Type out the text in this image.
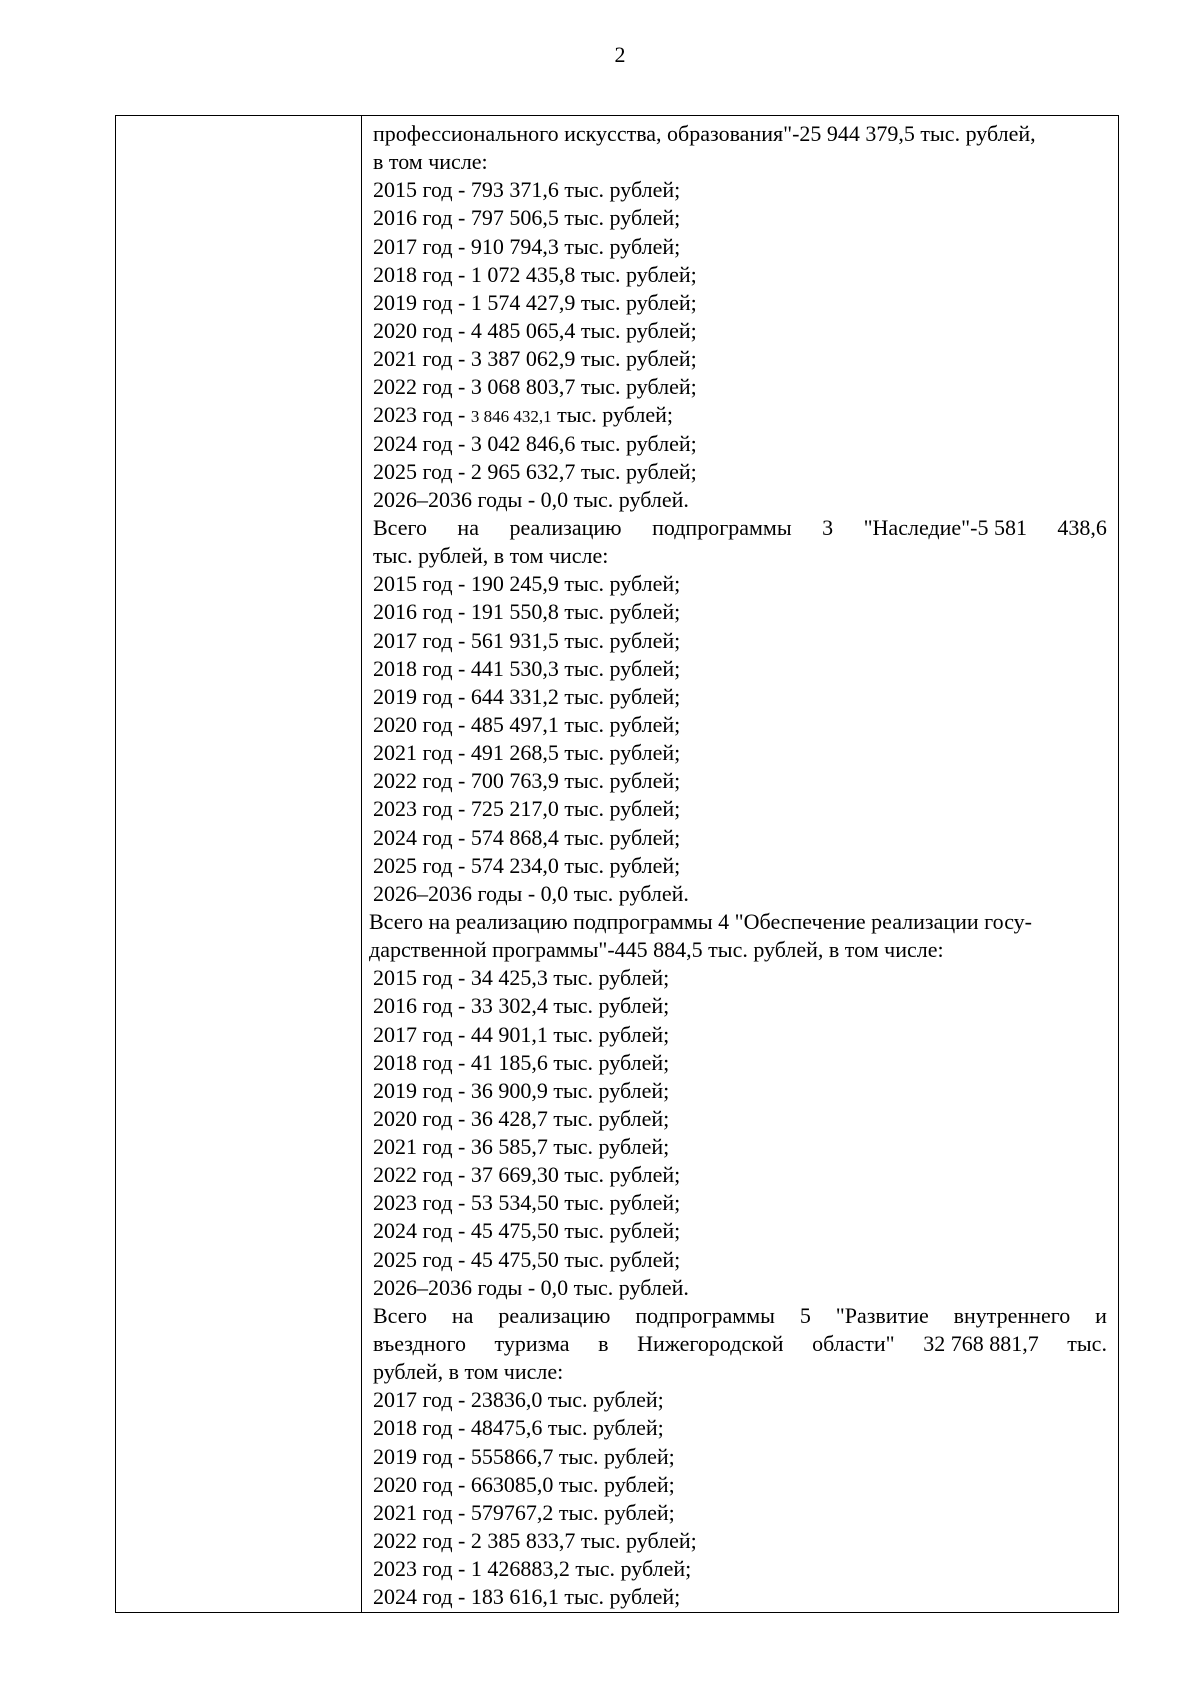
2
профессионального искусства, образования"-25 944 379,5 тыс. рублей,
в том числе:
2015 год - 793 371,6 тыс. рублей;
2016 год - 797 506,5 тыс. рублей;
2017 год - 910 794,3 тыс. рублей;
2018 год - 1 072 435,8 тыс. рублей;
2019 год - 1 574 427,9 тыс. рублей;
2020 год - 4 485 065,4 тыс. рублей;
2021 год - 3 387 062,9 тыс. рублей;
2022 год - 3 068 803,7 тыс. рублей;
2023 год - 3 846 432,1 тыс. рублей;
2024 год - 3 042 846,6 тыс. рублей;
2025 год - 2 965 632,7 тыс. рублей;
2026–2036 годы - 0,0 тыс. рублей.
Всего на реализацию подпрограммы 3 "Наследие"-5 581 438,6
тыс. рублей, в том числе:
2015 год - 190 245,9 тыс. рублей;
2016 год - 191 550,8 тыс. рублей;
2017 год - 561 931,5 тыс. рублей;
2018 год - 441 530,3 тыс. рублей;
2019 год - 644 331,2 тыс. рублей;
2020 год - 485 497,1 тыс. рублей;
2021 год - 491 268,5 тыс. рублей;
2022 год - 700 763,9 тыс. рублей;
2023 год - 725 217,0 тыс. рублей;
2024 год - 574 868,4 тыс. рублей;
2025 год - 574 234,0 тыс. рублей;
2026–2036 годы - 0,0 тыс. рублей.
Всего на реализацию подпрограммы 4 "Обеспечение реализации госу-
дарственной программы"-445 884,5 тыс. рублей, в том числе:
2015 год - 34 425,3 тыс. рублей;
2016 год - 33 302,4 тыс. рублей;
2017 год - 44 901,1 тыс. рублей;
2018 год - 41 185,6 тыс. рублей;
2019 год - 36 900,9 тыс. рублей;
2020 год - 36 428,7 тыс. рублей;
2021 год - 36 585,7 тыс. рублей;
2022 год - 37 669,30 тыс. рублей;
2023 год - 53 534,50 тыс. рублей;
2024 год - 45 475,50 тыс. рублей;
2025 год - 45 475,50 тыс. рублей;
2026–2036 годы - 0,0 тыс. рублей.
Всего на реализацию подпрограммы 5 "Развитие внутреннего и
въездного туризма в Нижегородской области" 32 768 881,7 тыс.
рублей, в том числе:
2017 год - 23836,0 тыс. рублей;
2018 год - 48475,6 тыс. рублей;
2019 год - 555866,7 тыс. рублей;
2020 год - 663085,0 тыс. рублей;
2021 год - 579767,2 тыс. рублей;
2022 год - 2 385 833,7 тыс. рублей;
2023 год - 1 426883,2 тыс. рублей;
2024 год - 183 616,1 тыс. рублей;
